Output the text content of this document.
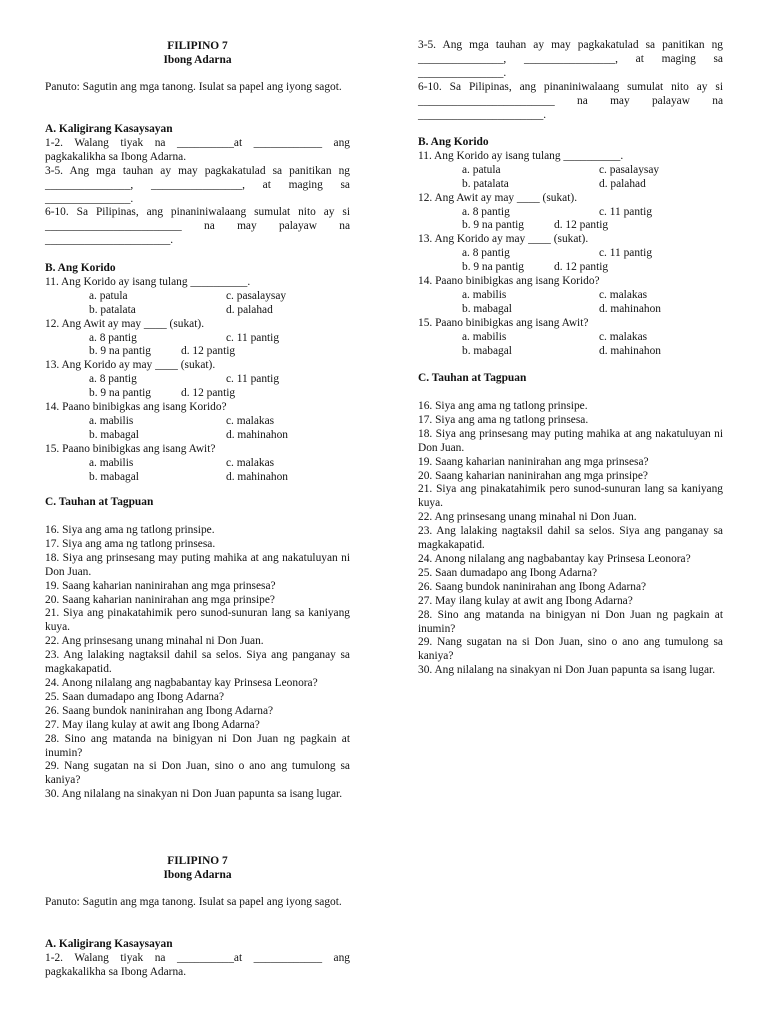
FILIPINO 7

Ibong Adarna

Panuto: Sagutin ang mga tanong. Isulat sa papel ang iyong sagot.

A. Kaligirang Kasaysayan

1-2. Walang tiyak na __________at ____________ ang pagkakalikha sa Ibong Adarna.

3-5. Ang mga tauhan ay may pagkakatulad sa panitikan ng _______________, ________________, at maging sa _______________.

6-10. Sa Pilipinas, ang pinaniniwalaang sumulat nito ay si ________________________ na may palayaw na ______________________.

B. Ang Korido

11. Ang Korido ay isang tulang __________.

a. patula	c. pasalaysay
b. patalata	d. palahad

12. Ang Awit ay may ____ (sukat).

a. 8 pantig	c. 11 pantig
b. 9 na pantig	d. 12 pantig

13. Ang Korido ay may ____ (sukat).

a. 8 pantig	c. 11 pantig
b. 9 na pantig	d. 12 pantig

14. Paano binibigkas ang isang Korido?

a. mabilis	c. malakas
b. mabagal	d. mahinahon

15. Paano binibigkas ang isang Awit?

a. mabilis	c. malakas
b. mabagal	d. mahinahon

C. Tauhan at Tagpuan

16. Siya ang ama ng tatlong prinsipe.

17. Siya ang ama ng tatlong prinsesa.

18. Siya ang prinsesang may puting mahika at ang nakatuluyan ni Don Juan.

19. Saang kaharian naninirahan ang mga prinsesa?

20. Saang kaharian naninirahan ang mga prinsipe?

21. Siya ang pinakatahimik pero sunod-sunuran lang sa kaniyang kuya.

22. Ang prinsesang unang minahal ni Don Juan.

23. Ang lalaking nagtaksil dahil sa selos. Siya ang panganay sa magkakapatid.

24. Anong nilalang ang nagbabantay kay Prinsesa Leonora?

25. Saan dumadapo ang Ibong Adarna?

26. Saang bundok naninirahan ang Ibong Adarna?

27. May ilang kulay at awit ang Ibong Adarna?

28. Sino ang matanda na binigyan ni Don Juan ng pagkain at inumin?

29. Nang sugatan na si Don Juan, sino o ano ang tumulong sa kaniya?

30. Ang nilalang na sinakyan ni Don Juan papunta sa isang lugar.

FILIPINO 7

Ibong Adarna

Panuto: Sagutin ang mga tanong. Isulat sa papel ang iyong sagot.

A. Kaligirang Kasaysayan

1-2. Walang tiyak na __________at ____________ ang pagkakalikha sa Ibong Adarna.

3-5. Ang mga tauhan ay may pagkakatulad sa panitikan ng _______________, ________________, at maging sa _______________.

6-10. Sa Pilipinas, ang pinaniniwalaang sumulat nito ay si ________________________ na may palayaw na ______________________.

B. Ang Korido

11. Ang Korido ay isang tulang __________.

a. patula	c. pasalaysay
b. patalata	d. palahad

12. Ang Awit ay may ____ (sukat).

a. 8 pantig	c. 11 pantig
b. 9 na pantig	d. 12 pantig

13. Ang Korido ay may ____ (sukat).

a. 8 pantig	c. 11 pantig
b. 9 na pantig	d. 12 pantig

14. Paano binibigkas ang isang Korido?

a. mabilis	c. malakas
b. mabagal	d. mahinahon

15. Paano binibigkas ang isang Awit?

a. mabilis	c. malakas
b. mabagal	d. mahinahon

C. Tauhan at Tagpuan

16. Siya ang ama ng tatlong prinsipe.

17. Siya ang ama ng tatlong prinsesa.

18. Siya ang prinsesang may puting mahika at ang nakatuluyan ni Don Juan.

19. Saang kaharian naninirahan ang mga prinsesa?

20. Saang kaharian naninirahan ang mga prinsipe?

21. Siya ang pinakatahimik pero sunod-sunuran lang sa kaniyang kuya.

22. Ang prinsesang unang minahal ni Don Juan.

23. Ang lalaking nagtaksil dahil sa selos. Siya ang panganay sa magkakapatid.

24. Anong nilalang ang nagbabantay kay Prinsesa Leonora?

25. Saan dumadapo ang Ibong Adarna?

26. Saang bundok naninirahan ang Ibong Adarna?

27. May ilang kulay at awit ang Ibong Adarna?

28. Sino ang matanda na binigyan ni Don Juan ng pagkain at inumin?

29. Nang sugatan na si Don Juan, sino o ano ang tumulong sa kaniya?

30. Ang nilalang na sinakyan ni Don Juan papunta sa isang lugar.
